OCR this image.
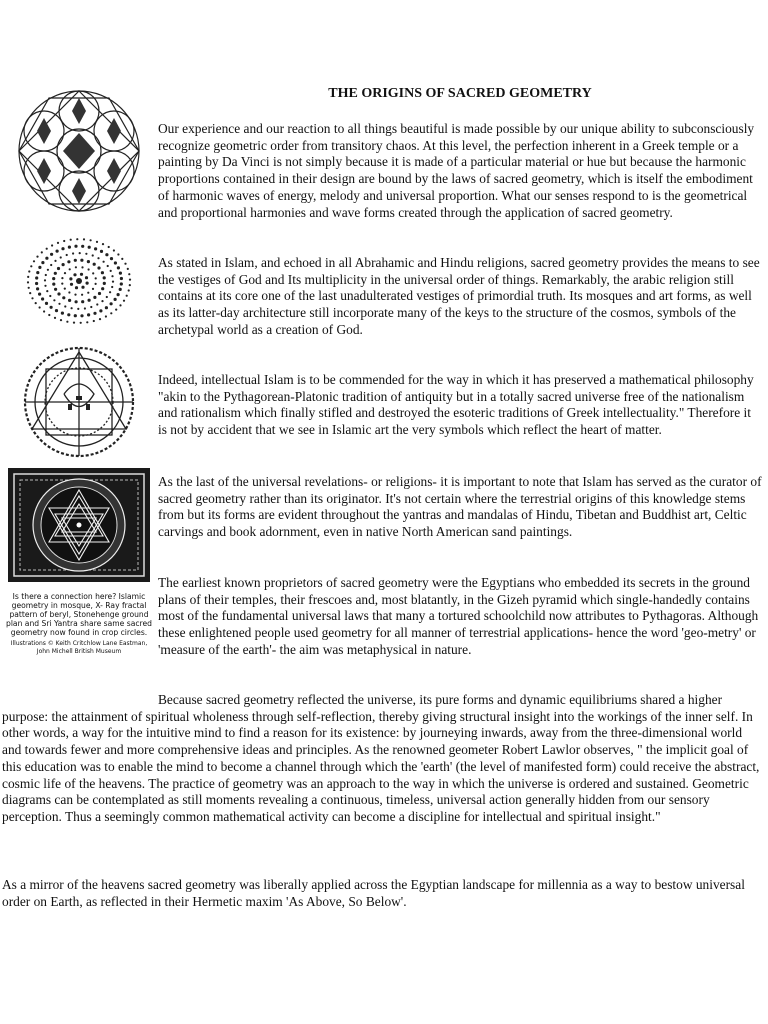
THE ORIGINS OF SACRED GEOMETRY
Is there a connection here? Islamic geometry in mosque, X- Ray fractal pattern of beryl, Stonehenge ground plan and Sri Yantra share same sacred geometry now found in crop circles.
Illustrations © Keith Critchlow Lane Eastman, John Michell British Museum

Our experience and our reaction to all things beautiful is made possible by our unique ability to subconsciously recognize geometric order from transitory chaos. At this level, the perfection inherent in a Greek temple or a painting by Da Vinci is not simply because it is made of a particular material or hue but because the harmonic proportions contained in their design are bound by the laws of sacred geometry, which is itself the embodiment of harmonic waves of energy, melody and universal proportion. What our senses respond to is the geometrical and proportional harmonies and wave forms created through the application of sacred geometry.

As stated in Islam, and echoed in all Abrahamic and Hindu religions, sacred geometry provides the means to see the vestiges of God and Its multiplicity in the universal order of things. Remarkably, the arabic religion still contains at its core one of the last unadulterated vestiges of primordial truth. Its mosques and art forms, as well as its latter-day architecture still incorporate many of the keys to the structure of the cosmos, symbols of the archetypal world as a creation of God.

Indeed, intellectual Islam is to be commended for the way in which it has preserved a mathematical philosophy "akin to the Pythagorean-Platonic tradition of antiquity but in a totally sacred universe free of the nationalism and rationalism which finally stifled and destroyed the esoteric traditions of Greek intellectuality." Therefore it is not by accident that we see in Islamic art the very symbols which reflect the heart of matter.

As the last of the universal revelations- or religions- it is important to note that Islam has served as the curator of sacred geometry rather than its originator. It's not certain where the terrestrial origins of this knowledge stems from but its forms are evident throughout the yantras and mandalas of Hindu, Tibetan and Buddhist art, Celtic carvings and book adornment, even in native North American sand paintings.

The earliest known proprietors of sacred geometry were the Egyptians who embedded its secrets in the ground plans of their temples, their frescoes and, most blatantly, in the Gizeh pyramid which single-handedly contains most of the fundamental universal laws that many a tortured schoolchild now attributes to Pythagoras. Although these enlightened people used geometry for all manner of terrestrial applications- hence the word 'geo-metry' or 'measure of the earth'- the aim was metaphysical in nature.

Because sacred geometry reflected the universe, its pure forms and dynamic equilibriums shared a higher purpose: the attainment of spiritual wholeness through self-reflection, thereby giving structural insight into the workings of the inner self. In other words, a way for the intuitive mind to find a reason for its existence: by journeying inwards, away from the three-dimensional world and towards fewer and more comprehensive ideas and principles. As the renowned geometer Robert Lawlor observes, " the implicit goal of this education was to enable the mind to become a channel through which the 'earth' (the level of manifested form) could receive the abstract, cosmic life of the heavens. The practice of geometry was an approach to the way in which the universe is ordered and sustained. Geometric diagrams can be contemplated as still moments revealing a continuous, timeless, universal action generally hidden from our sensory perception. Thus a seemingly common mathematical activity can become a discipline for intellectual and spiritual insight."

As a mirror of the heavens sacred geometry was liberally applied across the Egyptian landscape for millennia as a way to bestow universal order on Earth, as reflected in their Hermetic maxim 'As Above, So Below'.
